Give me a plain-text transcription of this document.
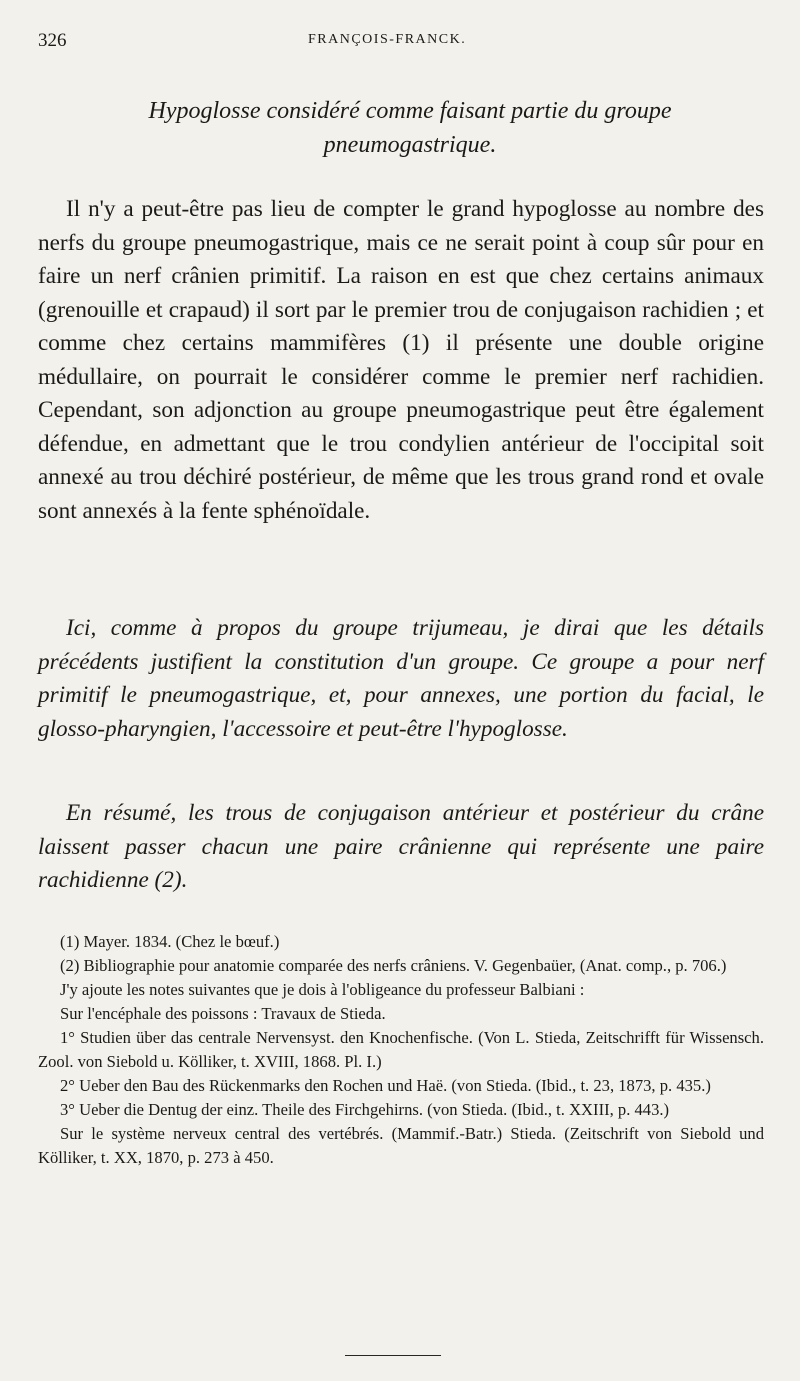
326	FRANÇOIS-FRANCK.
Hypoglosse considéré comme faisant partie du groupe pneumogastrique.

Il n'y a peut-être pas lieu de compter le grand hypoglosse au nombre des nerfs du groupe pneumogastrique, mais ce ne serait point à coup sûr pour en faire un nerf crânien primitif. La raison en est que chez certains animaux (grenouille et crapaud) il sort par le premier trou de conjugaison rachidien ; et comme chez certains mammifères (1) il présente une double origine médullaire, on pourrait le considérer comme le premier nerf rachidien. Cependant, son adjonction au groupe pneumogastrique peut être également défendue, en admettant que le trou condylien antérieur de l'occipital soit annexé au trou déchiré postérieur, de même que les trous grand rond et ovale sont annexés à la fente sphénoïdale.

Ici, comme à propos du groupe trijumeau, je dirai que les détails précédents justifient la constitution d'un groupe. Ce groupe a pour nerf primitif le pneumogastrique, et, pour annexes, une portion du facial, le glosso-pharyngien, l'accessoire et peut-être l'hypoglosse.

En résumé, les trous de conjugaison antérieur et postérieur du crâne laissent passer chacun une paire crânienne qui représente une paire rachidienne (2).

(1) Mayer. 1834. (Chez le bœuf.)

(2) Bibliographie pour anatomie comparée des nerfs crâniens. V. Gegenbaüer, (Anat. comp., p. 706.)

J'y ajoute les notes suivantes que je dois à l'obligeance du professeur Balbiani :

Sur l'encéphale des poissons : Travaux de Stieda.

1° Studien über das centrale Nervensyst. den Knochenfische. (Von L. Stieda, Zeitschrifft für Wissensch. Zool. von Siebold u. Kölliker, t. XVIII, 1868. Pl. I.)

2° Ueber den Bau des Rückenmarks den Rochen und Haë. (von Stieda. (Ibid., t. 23, 1873, p. 435.)

3° Ueber die Dentug der einz. Theile des Firchgehirns. (von Stieda. (Ibid., t. XXIII, p. 443.)

Sur le système nerveux central des vertébrés. (Mammif.-Batr.) Stieda. (Zeitschrift von Siebold und Kölliker, t. XX, 1870, p. 273 à 450.
